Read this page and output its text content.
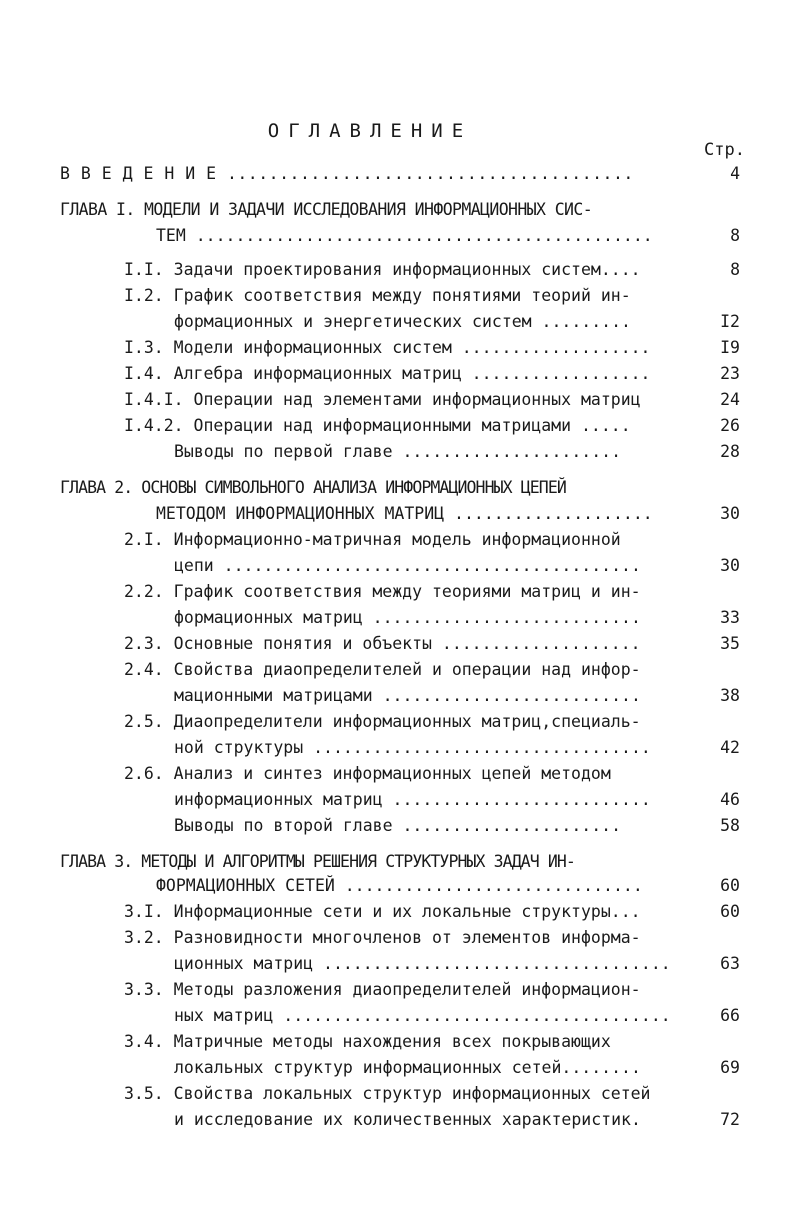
ОГЛАВЛЕНИЕ
Стр.
В В Е Д Е Н И Е .......................................	4
ГЛАВА I. МОДЕЛИ И ЗАДАЧИ ИССЛЕДОВАНИЯ ИНФОРМАЦИОННЫХ СИС-
ТЕМ ..............................................	8
I.I. Задачи проектирования информационных систем....	8
I.2. График соответствия между понятиями теорий ин-
формационных и энергетических систем .........	I2
I.3. Модели информационных систем ...................	I9
I.4. Алгебра информационных матриц ..................	23
I.4.I. Операции над элементами информационных матриц	24
I.4.2. Операции над информационными матрицами .....	26
Выводы по первой главе ......................	28
ГЛАВА 2. ОСНОВЫ СИМВОЛЬНОГО АНАЛИЗА ИНФОРМАЦИОННЫХ ЦЕПЕЙ
МЕТОДОМ ИНФОРМАЦИОННЫХ МАТРИЦ ....................	30
2.I. Информационно-матричная модель информационной
цепи ..........................................	30
2.2. График соответствия между теориями матриц и ин-
формационных матриц ...........................	33
2.3. Основные понятия и объекты ....................	35
2.4. Свойства диаопределителей и операции над инфор-
мационными матрицами ..........................	38
2.5. Диаопределители информационных матриц,специаль-
ной структуры ..................................	42
2.6. Анализ и синтез информационных цепей методом
информационных матриц ..........................	46
Выводы по второй главе ......................	58
ГЛАВА 3. МЕТОДЫ И АЛГОРИТМЫ РЕШЕНИЯ СТРУКТУРНЫХ ЗАДАЧ ИН-
ФОРМАЦИОННЫХ СЕТЕЙ ..............................	60
3.I. Информационные сети и их локальные структуры...	60
3.2. Разновидности многочленов от элементов информа-
ционных матриц ...................................	63
3.3. Методы разложения диаопределителей информацион-
ных матриц .......................................	66
3.4. Матричные методы нахождения всех покрывающих
локальных структур информационных сетей........	69
3.5. Свойства локальных структур информационных сетей
и исследование их количественных характеристик.	72
